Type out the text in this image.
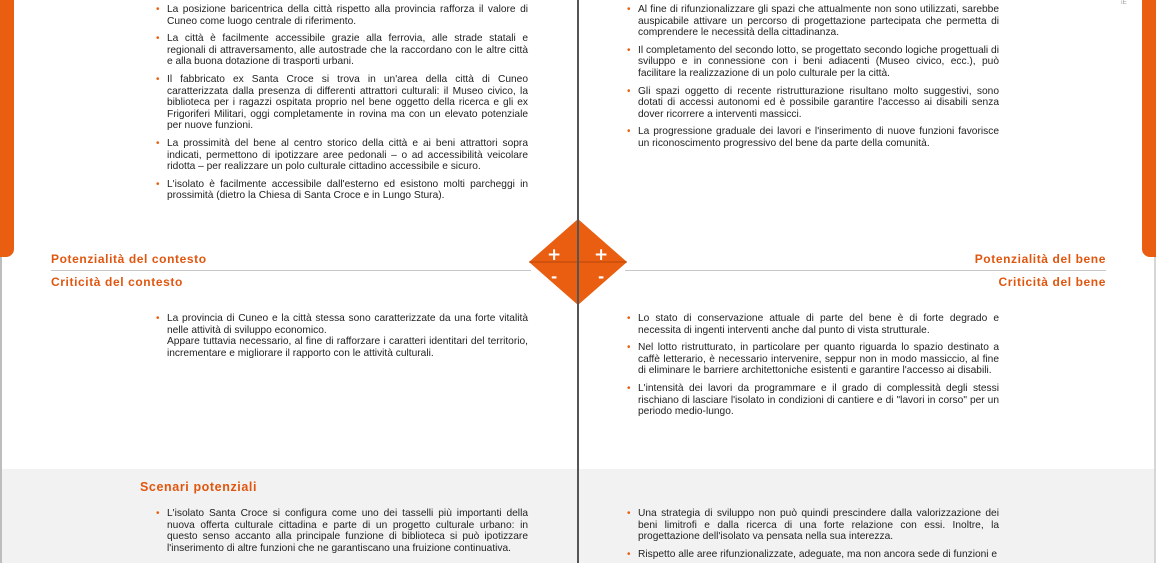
ıE
• La posizione baricentrica della città rispetto alla provincia rafforza il valore di Cuneo come luogo centrale di riferimento.
• La città è facilmente accessibile grazie alla ferrovia, alle strade statali e regionali di attraversamento, alle autostrade che la raccordano con le altre città e alla buona dotazione di trasporti urbani.
• Il fabbricato ex Santa Croce si trova in un'area della città di Cuneo caratterizzata dalla presenza di differenti attrattori culturali: il Museo civico, la biblioteca per i ragazzi ospitata proprio nel bene oggetto della ricerca e gli ex Frigoriferi Militari, oggi completamente in rovina ma con un elevato potenziale per nuove funzioni.
• La prossimità del bene al centro storico della città e ai beni attrattori sopra indicati, permettono di ipotizzare aree pedonali – o ad accessibilità veicolare ridotta – per realizzare un polo culturale cittadino accessibile e sicuro.
• L'isolato è facilmente accessibile dall'esterno ed esistono molti parcheggi in prossimità (dietro la Chiesa di Santa Croce e in Lungo Stura).
• Al fine di rifunzionalizzare gli spazi che attualmente non sono utilizzati, sarebbe auspicabile attivare un percorso di progettazione partecipata che permetta di comprendere le necessità della cittadinanza.
• Il completamento del secondo lotto, se progettato secondo logiche progettuali di sviluppo e in connessione con i beni adiacenti (Museo civico, ecc.), può facilitare la realizzazione di un polo culturale per la città.
• Gli spazi oggetto di recente ristrutturazione risultano molto suggestivi, sono dotati di accessi autonomi ed è possibile garantire l'accesso ai disabili senza dover ricorrere a interventi massicci.
• La progressione graduale dei lavori e l'inserimento di nuove funzioni favorisce un riconoscimento progressivo del bene da parte della comunità.
Potenzialità del contesto
Criticità del contesto
Potenzialità del bene
Criticità del bene
+ +
-	-
• La provincia di Cuneo e la città stessa sono caratterizzate da una forte vitalità nelle attività di sviluppo economico.
Appare tuttavia necessario, al fine di rafforzare i caratteri identitari del territorio, incrementare e migliorare il rapporto con le attività culturali.
• Lo stato di conservazione attuale di parte del bene è di forte degrado e necessita di ingenti interventi anche dal punto di vista strutturale.
• Nel lotto ristrutturato, in particolare per quanto riguarda lo spazio destinato a caffè letterario, è necessario intervenire, seppur non in modo massiccio, al fine di eliminare le barriere architettoniche esistenti e garantire l'accesso ai disabili.
• L'intensità dei lavori da programmare e il grado di complessità degli stessi rischiano di lasciare l'isolato in condizioni di cantiere e di "lavori in corso" per un periodo medio-lungo.
Scenari potenziali
• L'isolato Santa Croce si configura come uno dei tasselli più importanti della nuova offerta culturale cittadina e parte di un progetto culturale urbano: in questo senso accanto alla principale funzione di biblioteca si può ipotizzare l'inserimento di altre funzioni che ne garantiscano una fruizione continuativa.
• Una strategia di sviluppo non può quindi prescindere dalla valorizzazione dei beni limitrofi e dalla ricerca di una forte relazione con essi. Inoltre, la progettazione dell'isolato va pensata nella sua interezza.
• Rispetto alle aree rifunzionalizzate, adeguate, ma non ancora sede di funzioni e
